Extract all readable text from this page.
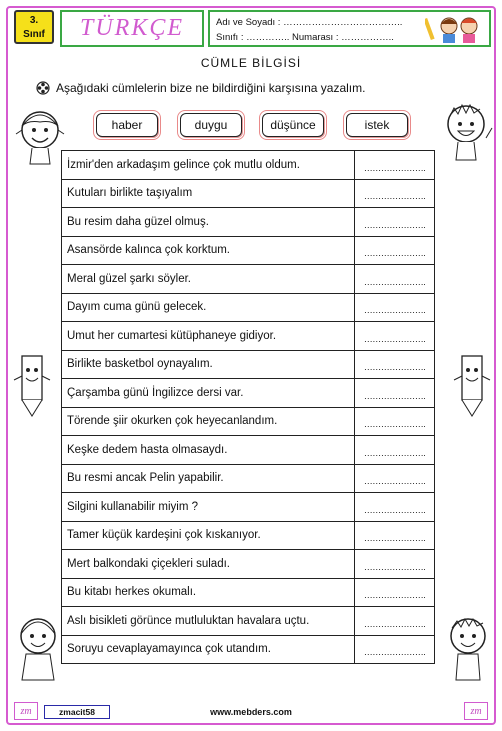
3.
Sınıf TÜRKÇE	Adı ve Soyadı : ………………………………..
Sınıfı : ………….. Numarası : ……………..
CÜMLE BİLGİSİ
Aşağıdaki cümlelerin bize ne bildirdiğini karşısına yazalım.
haber	duygu	düşünce	istek
İzmir'den arkadaşım gelince çok mutlu oldum.	………………….
Kutuları birlikte taşıyalım	………………….
Bu resim daha güzel olmuş.	………………….
Asansörde kalınca çok korktum.	………………….
Meral güzel şarkı söyler.	………………….
Dayım cuma günü gelecek.	………………….
Umut her cumartesi kütüphaneye gidiyor.	………………….
Birlikte basketbol oynayalım.	………………….
Çarşamba günü İngilizce dersi var.	………………….
Törende şiir okurken çok heyecanlandım.	………………….
Keşke dedem hasta olmasaydı.	………………….
Bu resmi ancak Pelin yapabilir.	………………….
Silgini kullanabilir miyim ?	………………….
Tamer küçük kardeşini çok kıskanıyor.	………………….
Mert balkondaki çiçekleri suladı.	………………….
Bu kitabı herkes okumalı.	………………….
Aslı bisikleti görünce mutluluktan havalara uçtu.	………………….
Soruyu cevaplayamayınca çok utandım.	………………….
zm	zmacit58	www.mebders.com	zm
